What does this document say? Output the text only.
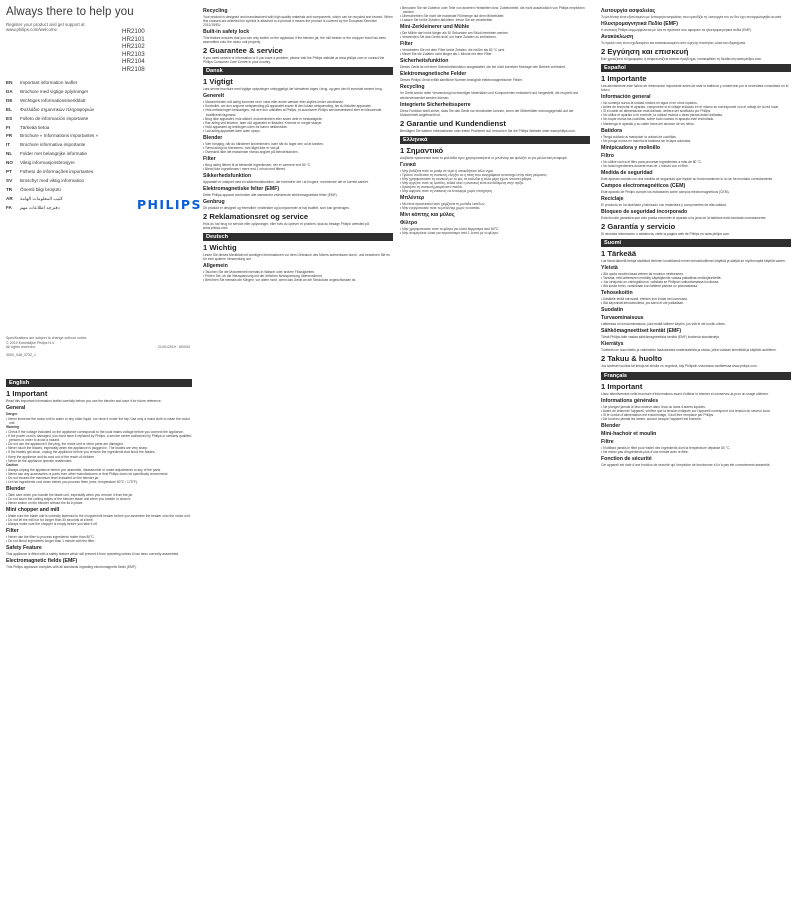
Always there to help you
Register your product and get support at www.philips.com/welcome	HR2100
HR2101
HR2102
HR2103
HR2104
HR2108
EN	Important information leaflet
DA	Brochure med vigtige oplysninger
DE	Wichtiges Informationsmerkblatt
EL	Φυλλάδιο σημαντικών πληροφοριών
ES	Folleto de información importante
FI	Tärkeää tietoa
FR	Brochure « Informations importantes »
IT	Brochure informativa importante
NL	Folder met belangrijke informatie
NO	Viktig informasjonsbrosjyre
PT	Folheto de informações importantes
SV	Broschyr med viktig information
TR	Önemli bilgi broşürü
AR	كتيب المعلومات الهامة
FA	دفترچه اطلاعات مهم	PHILIPS
Specifications are subject to change without notice
© 2019 Koninklijke Philips N.V.
All rights reserved.
3000_048_3732_1
21/01/2019 · 60/043
English
1 Important

Read this important information leaflet carefully before you use the blender and save it for future reference.

General

Danger

• Never immerse the motor unit in water or any other liquid, nor rinse it under the tap. Use only a moist cloth to clean the motor unit.

Warning

• Check if the voltage indicated on the appliance corresponds to the local mains voltage before you connect the appliance.

• If the power cord is damaged, you must have it replaced by Philips, a service centre authorized by Philips or similarly qualified persons in order to avoid a hazard.

• Do not use the appliance if the plug, the motor unit or other parts are damaged.

• Never touch the blades, especially when the appliance is plugged in. The blades are very sharp.

• If the blades get stuck, unplug the appliance before you remove the ingredients that block the blades.

• Keep the appliance and its cord out of the reach of children.

• Never let the appliance operate unattended.

Caution

• Always unplug the appliance before you assemble, disassemble or make adjustments to any of the parts.

• Never use any accessories or parts from other manufacturers or that Philips does not specifically recommend.

• Do not exceed the maximum level indicated on the blender jar.

• Let hot ingredients cool down before you process them (max. temperature 80°C / 175°F).

Blender

• Take care when you handle the blade unit, especially when you remove it from the jar.

• Do not touch the cutting edges of the blender blade unit when you handle or clean it.

• Never switch on the blender without the lid in place.

Mini chopper and mill

• Make sure the blade unit is correctly fastened to the chopper/mill beaker before you assemble the beaker onto the motor unit.

• Do not let the mill run for longer than 30 seconds at a time.

• Always make sure the chopper is empty before you take it off.

Filter

• Never use the filter to process ingredients hotter than 80°C.

• Do not blend ingredients longer than 1 minute with the filter.

Safety Feature

This appliance is fitted with a safety feature which will prevent it from operating unless it has been correctly assembled.

Electromagnetic fields (EMF)

This Philips appliance complies with all standards regarding electromagnetic fields (EMF).

Recycling

Your product is designed and manufactured with high quality materials and components, which can be recycled and reused. When this crossed-out wheeled bin symbol is attached to a product it means the product is covered by the European Directive 2012/19/EU.

Built-in safety lock

This feature ensures that you can only switch on the appliance if the blender jar, the mill beaker or the chopper bowl has been assembled onto the motor unit properly.

2 Guarantee & service

If you need service or information or if you have a problem, please visit the Philips website at www.philips.com or contact the Philips Consumer Care Centre in your country.

Dansk
1 Vigtigt

Læs denne brochure med vigtige oplysninger omhyggeligt, før blenderen tages i brug, og gem den til eventuel senere brug.

Generelt

• Motorenheden må aldrig kommes ned i vand eller andre væsker eller skylles under vandhanen.

• Kontrollér, om den angivne netspænding på apparatet svarer til den lokale netspænding, før du tilslutter apparatet.

• Hvis netledningen beskadiges, må den kun udskiftes af Philips, et autoriseret Philips serviceværksted eller en tilsvarende kvalificeret fagmand.

• Brug ikke apparatet, hvis stikket, motorenheden eller andre dele er beskadigede.

• Rør aldrig ved knivene, især når apparatet er tilsluttet. Knivene er meget skarpe.

• Hold apparatet og ledningen uden for børns rækkevidde.

• Lad aldrig apparatet køre uden opsyn.

Blender

• Vær forsigtig, når du håndterer knivenheden, især når du tager den ud af kanden.

• Tænd aldrig for blenderen, hvis låget ikke er sat på.

• Overskrid ikke det maksimale niveau angivet på blenderkanden.

Filter

• Brug aldrig filteret til at behandle ingredienser, der er varmere end 80 °C.

• Blend ikke ingredienser i mere end 1 minut med filteret.

Sikkerhedsfunktion

Apparatet er udstyret med en sikkerhedsfunktion, der forhindrer det i at fungere, medmindre det er korrekt samlet.

Elektromagnetiske felter (EMF)

Dette Philips-apparat overholder alle standarder vedrørende elektromagnetiske felter (EMF).

Genbrug

Dit produkt er designet og fremstillet i materialer og komponenter af høj kvalitet, som kan genbruges.

2 Reklamationsret og service

Hvis du har brug for service eller oplysninger, eller hvis du oplever et problem, skal du besøge Philips' websted på www.philips.com.

Deutsch
1 Wichtig

Lesen Sie dieses Merkblatt mit wichtigen Informationen vor dem Gebrauch des Mixers aufmerksam durch, und bewahren Sie es für eine spätere Verwendung auf.

Allgemein

• Tauchen Sie die Motoreinheit niemals in Wasser oder andere Flüssigkeiten.

• Prüfen Sie, ob die Netzspannung mit der örtlichen Netzspannung übereinstimmt.

• Berühren Sie niemals die Klingen, vor allem nicht, wenn das Gerät an die Steckdose angeschlossen ist.

• Benutzen Sie nie Zubehör oder Teile von anderen Herstellern bzw. Zubehörteile, die nicht ausdrücklich von Philips empfohlen wurden.

• Überschreiten Sie nicht die maximale Füllmenge auf dem Mixbehälter.

• Lassen Sie heiße Zutaten abkühlen, bevor Sie sie verarbeiten.

Mini-Zerkleinerer und Mühle

• Die Mühle darf nicht länger als 30 Sekunden am Stück betrieben werden.

• Verwenden Sie das Gerät nicht, um harte Zutaten zu zerkleinern.

Filter

• Verarbeiten Sie mit dem Filter keine Zutaten, die heißer als 80 °C sind.

• Mixen Sie die Zutaten nicht länger als 1 Minute mit dem Filter.

Sicherheitsfunktion

Dieses Gerät ist mit einer Sicherheitsfunktion ausgestattet, die bei nicht korrekter Montage den Betrieb verhindert.

Elektromagnetische Felder

Dieses Philips Gerät erfüllt sämtliche Normen bezüglich elektromagnetischer Felder.

Recycling

Ihr Gerät wurde unter Verwendung hochwertiger Materialien und Komponenten entwickelt und hergestellt, die recycelt und wiederverwendet werden können.

Integrierte Sicherheitssperre

Diese Funktion stellt sicher, dass Sie das Gerät nur einschalten können, wenn der Mixbehälter ordnungsgemäß auf der Motoreinheit angebracht ist.

2 Garantie und Kundendienst

Benötigen Sie weitere Informationen oder treten Probleme auf, besuchen Sie die Philips Website unter www.philips.com.

Ελληνικά
1 Σημαντικό

Διαβάστε προσεκτικά αυτό το φυλλάδιο πριν χρησιμοποιήσετε το μπλέντερ και φυλάξτε το για μελλοντική αναφορά.

Γενικά

• Μην βυθίζετε ποτέ το μοτέρ σε νερό ή οποιοδήποτε άλλο υγρό.

• Προτού συνδέσετε τη συσκευή, ελέγξτε αν η τάση που αναγράφεται αντιστοιχεί στην τάση ρεύματος.

• Μην χρησιμοποιείτε τη συσκευή αν το φις, το καλώδιο ή άλλα μέρη έχουν υποστεί φθορά.

• Μην αγγίζετε ποτέ τις λεπίδες, ειδικά όταν η συσκευή είναι συνδεδεμένη στην πρίζα.

• Κρατήστε τη συσκευή μακριά από παιδιά.

• Μην αφήνετε ποτέ τη συσκευή να λειτουργεί χωρίς επιτήρηση.

Μπλέντερ

• Να είστε προσεκτικοί όταν χειρίζεστε τη μονάδα λεπίδων.

• Μην ενεργοποιείτε ποτέ το μπλέντερ χωρίς το καπάκι.

Μίνι κόπτης και μύλος
Φίλτρο

• Μην χρησιμοποιείτε ποτέ το φίλτρο για υλικά θερμότερα από 80°C.

• Μην αναμιγνύετε υλικά για περισσότερο από 1 λεπτό με το φίλτρο.

Λειτουργία ασφαλείας

Το μπλέντερ είναι εξοπλισμένο με λειτουργία ασφαλείας που εμποδίζει τη λειτουργία του αν δεν έχει συναρμολογηθεί σωστά.

Ηλεκτρομαγνητικά Πεδία (EMF)

Η συσκευή Philips συμμορφώνεται με όλα τα πρότυπα που αφορούν τα ηλεκτρομαγνητικά πεδία (EMF).

Ανακύκλωση

Το προϊόν σας είναι σχεδιασμένο και κατασκευασμένο από υψηλής ποιότητας υλικά και εξαρτήματα.

2 Εγγύηση και επισκευή

Εάν χρειάζεστε πληροφορίες ή αντιμετωπίζετε κάποιο πρόβλημα, επισκεφθείτε τη διεύθυνση www.philips.com.

Español
1 Importante

Lea atentamente este folleto de información importante antes de usar la batidora y consérvelo por si necesitara consultarlo en el futuro.

Información general

• No sumerja nunca la unidad motora en agua ni en otros líquidos.

• Antes de enchufar el aparato, compruebe si el voltaje indicado en el mismo se corresponde con el voltaje de la red local.

• Si el cable de alimentación está dañado, deberá ser sustituido por Philips.

• No utilice el aparato si el enchufe, la unidad motora u otras piezas están dañadas.

• No toque nunca las cuchillas, sobre todo cuando el aparato esté enchufado.

• Mantenga el aparato y su cable fuera del alcance de los niños.

Batidora

• Tenga cuidado al manipular la unidad de cuchillas.

• No ponga nunca en marcha la batidora sin la tapa colocada.

Minipicadora y molinillo
Filtro

• No utilice nunca el filtro para procesar ingredientes a más de 80 °C.

• No bata ingredientes durante más de 1 minuto con el filtro.

Medida de seguridad

Este aparato cuenta con una medida de seguridad que impide su funcionamiento si no se ha montado correctamente.

Campos electromagnéticos (CEM)

Este aparato de Philips cumple los estándares sobre campos electromagnéticos (CEM).

Reciclaje

El producto se ha diseñado y fabricado con materiales y componentes de alta calidad.

Bloqueo de seguridad incorporado

Esta función garantiza que solo pueda encender el aparato si la jarra de la batidora está montada correctamente.

2 Garantía y servicio

Si necesita información o asistencia, visite la página web de Philips en www.philips.com.

Suomi
1 Tärkeää

Lue tämä tärkeitä tietoja sisältävä lehtinen huolellisesti ennen tehosekoittimen käyttöä ja säilytä se myöhempää käyttöä varten.

Yleistä

• Älä upota moottoriosaa veteen tai muuhun nesteeseen.

• Tarkista, että laitteeseen merkitty käyttöjännite vastaa paikallista verkkojännitettä.

• Jos virtajohto on vahingoittunut, vaihdata se Philipsin valtuuttamassa huollossa.

• Älä koske teriin, varsinkaan kun laitteen pistoke on pistorasiassa.

Tehosekoitin

• Käsittele terää varovasti, etenkin kun irrotat sen kannusta.

• Älä käynnistä tehosekoitinta, jos kansi ei ole paikallaan.

Suodatin
Turvaominaisuus

Laitteessa on turvaominaisuus, joka estää laitteen käytön, jos sitä ei ole koottu oikein.

Sähkömagneettiset kentät (EMF)

Tämä Philips-laite vastaa sähkömagneettisia kenttiä (EMF) koskevia standardeja.

Kierrätys

Tuotteesi on suunniteltu ja valmistettu laadukkaista materiaaleista ja osista, jotka voidaan kierrättää ja käyttää uudelleen.

2 Takuu & huolto

Jos tarvitset huoltoa tai tietoja tai sinulla on ongelma, käy Philipsin sivustossa osoitteessa www.philips.com.

Français
1 Important

Lisez attentivement cette brochure d'informations avant d'utiliser le blender et conservez-la pour un usage ultérieur.

Informations générales

• Ne plongez jamais le bloc moteur dans l'eau ou dans d'autres liquides.

• Avant de brancher l'appareil, vérifiez que la tension indiquée sur l'appareil correspond à la tension du secteur local.

• Si le cordon d'alimentation est endommagé, il doit être remplacé par Philips.

• Ne touchez jamais les lames, surtout lorsque l'appareil est branché.

Blender
Mini-hachoir et moulin
Filtre

• N'utilisez jamais le filtre pour traiter des ingrédients dont la température dépasse 80 °C.

• Ne mixez pas d'ingrédients plus d'une minute avec le filtre.

Fonction de sécurité

Cet appareil est doté d'une fonction de sécurité qui l'empêche de fonctionner s'il n'a pas été correctement assemblé.
